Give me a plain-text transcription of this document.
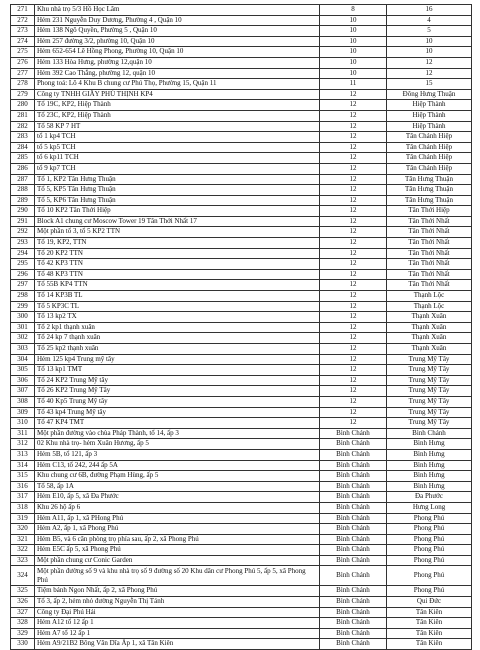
271	Khu nhà trọ 5/3 Hồ Học Lãm	8	16
272	Hẻm 231 Nguyễn Duy Dương, Phường 4 , Quận 10	10	4
273	Hẻm 138 Ngô Quyền, Phường 5 , Quận 10	10	5
274	Hẻm 257 đường 3/2, phường 10, Quận 10	10	10
275	Hẻm 652-654 Lê Hồng Phong, Phường 10, Quận 10	10	10
276	Hẻm 133 Hòa Hưng, phường 12,quận 10	10	12
277	Hẻm 392 Cao Thắng, phường 12, quận 10	10	12
278	Phong toả: Lô 4 Khu B chung cư Phú Thọ, Phường 15, Quận 11	11	15
279	Công ty TNHH GIẦY PHÚ THỊNH KP4	12	Đông Hưng Thuận
280	Tổ 19C, KP2, Hiệp Thành	12	Hiệp Thành
281	Tổ 23C, KP2, Hiệp Thành	12	Hiệp Thành
282	Tổ 58 KP 7 HT	12	Hiệp Thành
283	tổ 1 kp4 TCH	12	Tân Chánh Hiệp
284	tổ 5 kp5 TCH	12	Tân Chánh Hiệp
285	tổ 6 kp11 TCH	12	Tân Chánh Hiệp
286	tổ 9 kp7 TCH	12	Tân Chánh Hiệp
287	Tổ 1, KP2 Tân Hưng Thuận	12	Tân Hưng Thuận
288	Tổ 5, KP5 Tân Hưng Thuận	12	Tân Hưng Thuận
289	Tổ 5, KP6 Tân Hưng Thuận	12	Tân Hưng Thuận
290	Tổ 10 KP2 Tân Thới Hiệp	12	Tân Thới Hiệp
291	Block A1 chung cư Moscow Tower 19 Tân Thới Nhất 17	12	Tân Thới Nhất
292	Một phần tổ 3, tổ 5 KP2 TTN	12	Tân Thới Nhất
293	Tổ 19, KP2, TTN	12	Tân Thới Nhất
294	Tổ 20 KP2 TTN	12	Tân Thới Nhất
295	Tổ 42 KP3 TTN	12	Tân Thới Nhất
296	Tổ 48 KP3 TTN	12	Tân Thới Nhất
297	Tổ 55B KP4 TTN	12	Tân Thới Nhất
298	Tổ 14 KP3B TL	12	Thạnh Lộc
299	Tổ 5 KP3C TL	12	Thạnh Lộc
300	Tổ 13 kp2 TX	12	Thạnh Xuân
301	Tổ 2 kp1 thạnh xuân	12	Thạnh Xuân
302	Tổ 24 kp 7 thạnh xuân	12	Thạnh Xuân
303	Tổ 25 kp2 thạnh xuân	12	Thạnh Xuân
304	Hẻm 125 kp4 Trung mỹ tây	12	Trung Mỹ Tây
305	Tổ 13 kp1 TMT	12	Trung Mỹ Tây
306	Tổ 24 KP2 Trung Mỹ tây	12	Trung Mỹ Tây
307	Tổ 26 KP2 Trung Mỹ Tây	12	Trung Mỹ Tây
308	Tổ 40 Kp5 Trung Mỹ tây	12	Trung Mỹ Tây
309	Tổ 43 kp4 Trung Mỹ tây	12	Trung Mỹ Tây
310	Tổ 47 KP4 TMT	12	Trung Mỹ Tây
311	Một phần đường vào chùa Pháp Thành, tổ 14, ấp 3	Bình Chánh	Bình Chánh
312	02 Khu nhà trọ- hẻm Xuân Hương, ấp 5	Bình Chánh	Bình Hưng
313	Hẻm 5B, tổ 121, ấp 3	Bình Chánh	Bình Hưng
314	Hẻm C13, tổ 242, 244 ấp 5A	Bình Chánh	Bình Hưng
315	Khu chung cư 6B, đường Phạm Hùng, ấp 5	Bình Chánh	Bình Hưng
316	Tổ 58, ấp 1A	Bình Chánh	Bình Hưng
317	Hẻm E10, ấp 5, xã Đa Phước	Bình Chánh	Đa Phước
318	Khu 26 hộ ấp 6	Bình Chánh	Hưng Long
319	Hẻm A11, ấp 1, xã PHong Phú	Bình Chánh	Phong Phú
320	Hẻm A2, ấp 1, xã Phong Phú	Bình Chánh	Phong Phú
321	Hẻm B5, và 6 căn phòng trọ phía sau, ấp 2, xã Phong Phú	Bình Chánh	Phong Phú
322	Hẻm E5C ấp 5, xã Phong Phú	Bình Chánh	Phong Phú
323	Một phần chung cư Conic Garden	Bình Chánh	Phong Phú
324	Một phần đường số 9 và khu nhà trọ số 9 đường số 20 Khu dân cư Phong Phú 5, ấp 5, xã Phong Phú	Bình Chánh	Phong Phú
325	Tiệm bánh Ngon Nhất, ấp 2, xã Phong Phú	Bình Chánh	Phong Phú
326	Tổ 3, ấp 2, hẻm nhỏ đường Nguyễn Thị Tánh	Bình Chánh	Qui Đức
327	Công ty Đại Phú Hải	Bình Chánh	Tân Kiên
328	Hẻm A12 tổ 12 ấp 1	Bình Chánh	Tân Kiên
329	Hẻm A7 tổ 12 ấp 1	Bình Chánh	Tân Kiên
330	Hẻm A9/21B2 Bông Văn Dĩa Ấp 1, xã Tân Kiên	Bình Chánh	Tân Kiên
